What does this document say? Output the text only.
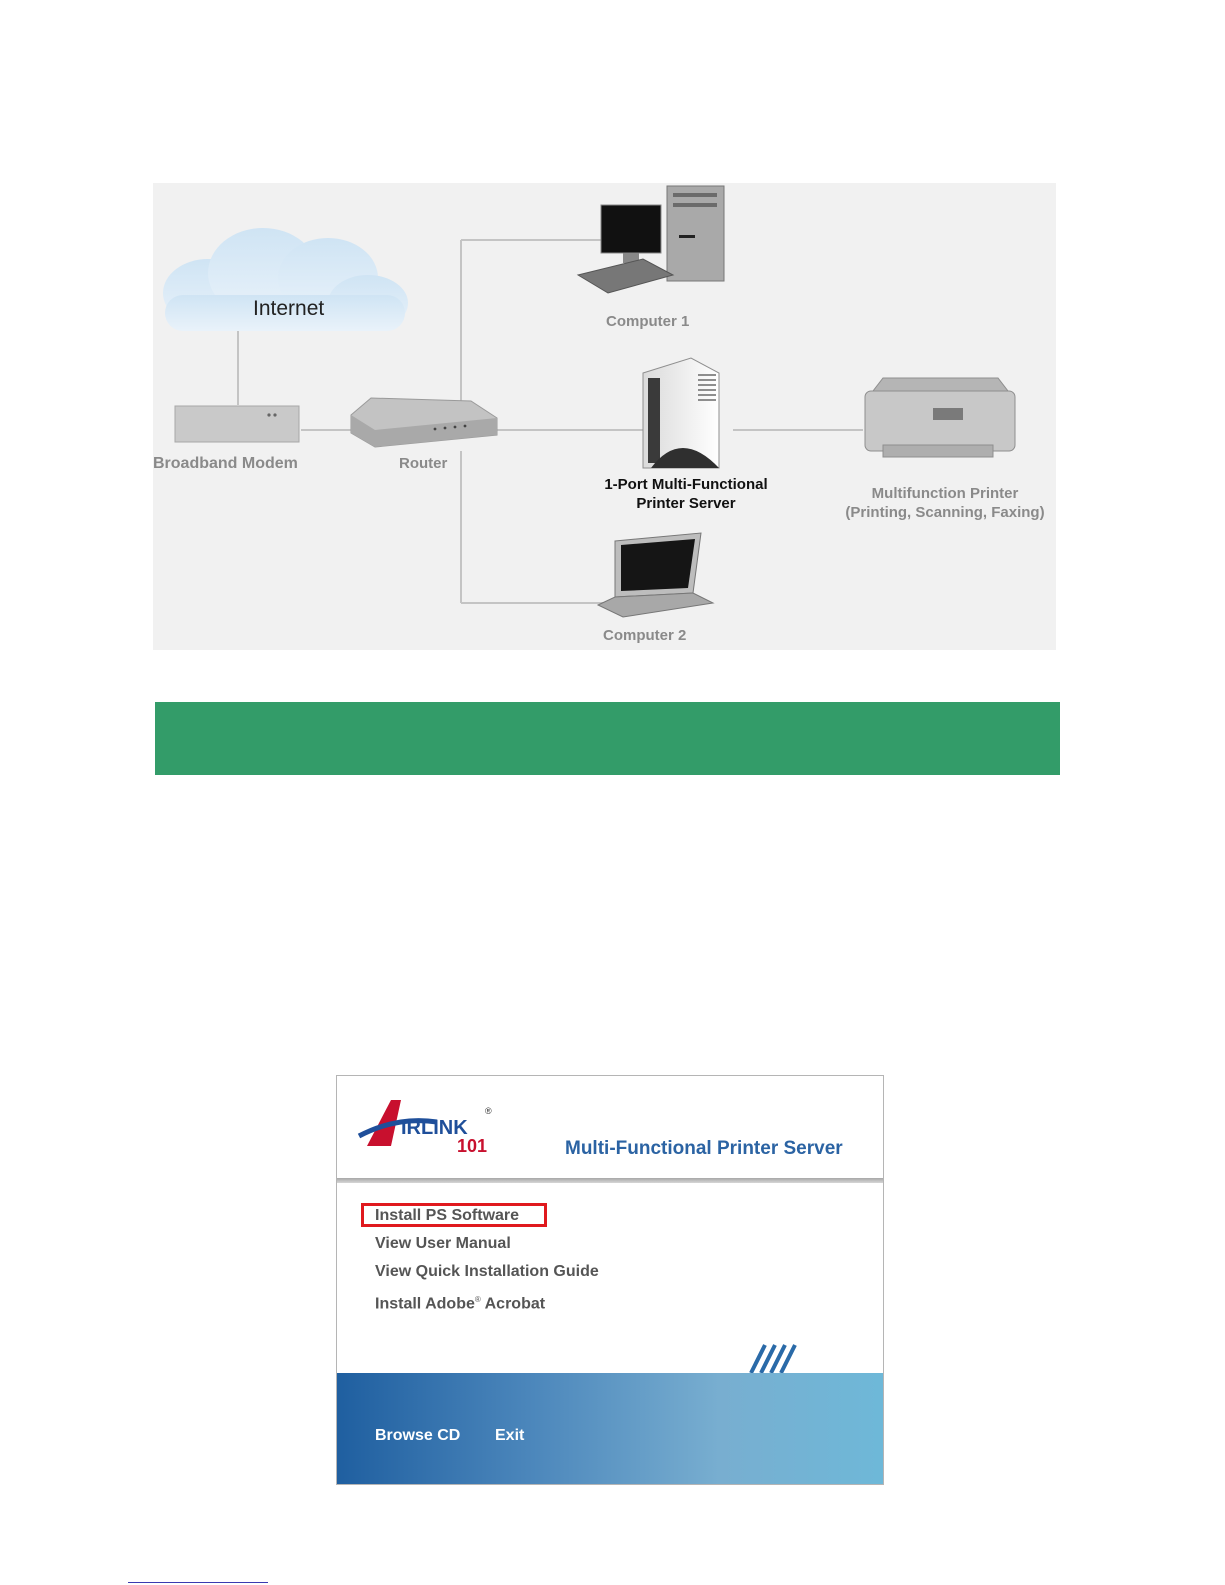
Internet
Broadband Modem	Router
Computer 1
Computer 2
1-Port Multi-Functional
Printer Server
Multifunction Printer
(Printing, Scanning, Faxing)
IRLINK
®
101	Multi-Functional Printer Server
Install PS Software
View User Manual
View Quick Installation Guide
Install Adobe® Acrobat
Browse CD Exit
